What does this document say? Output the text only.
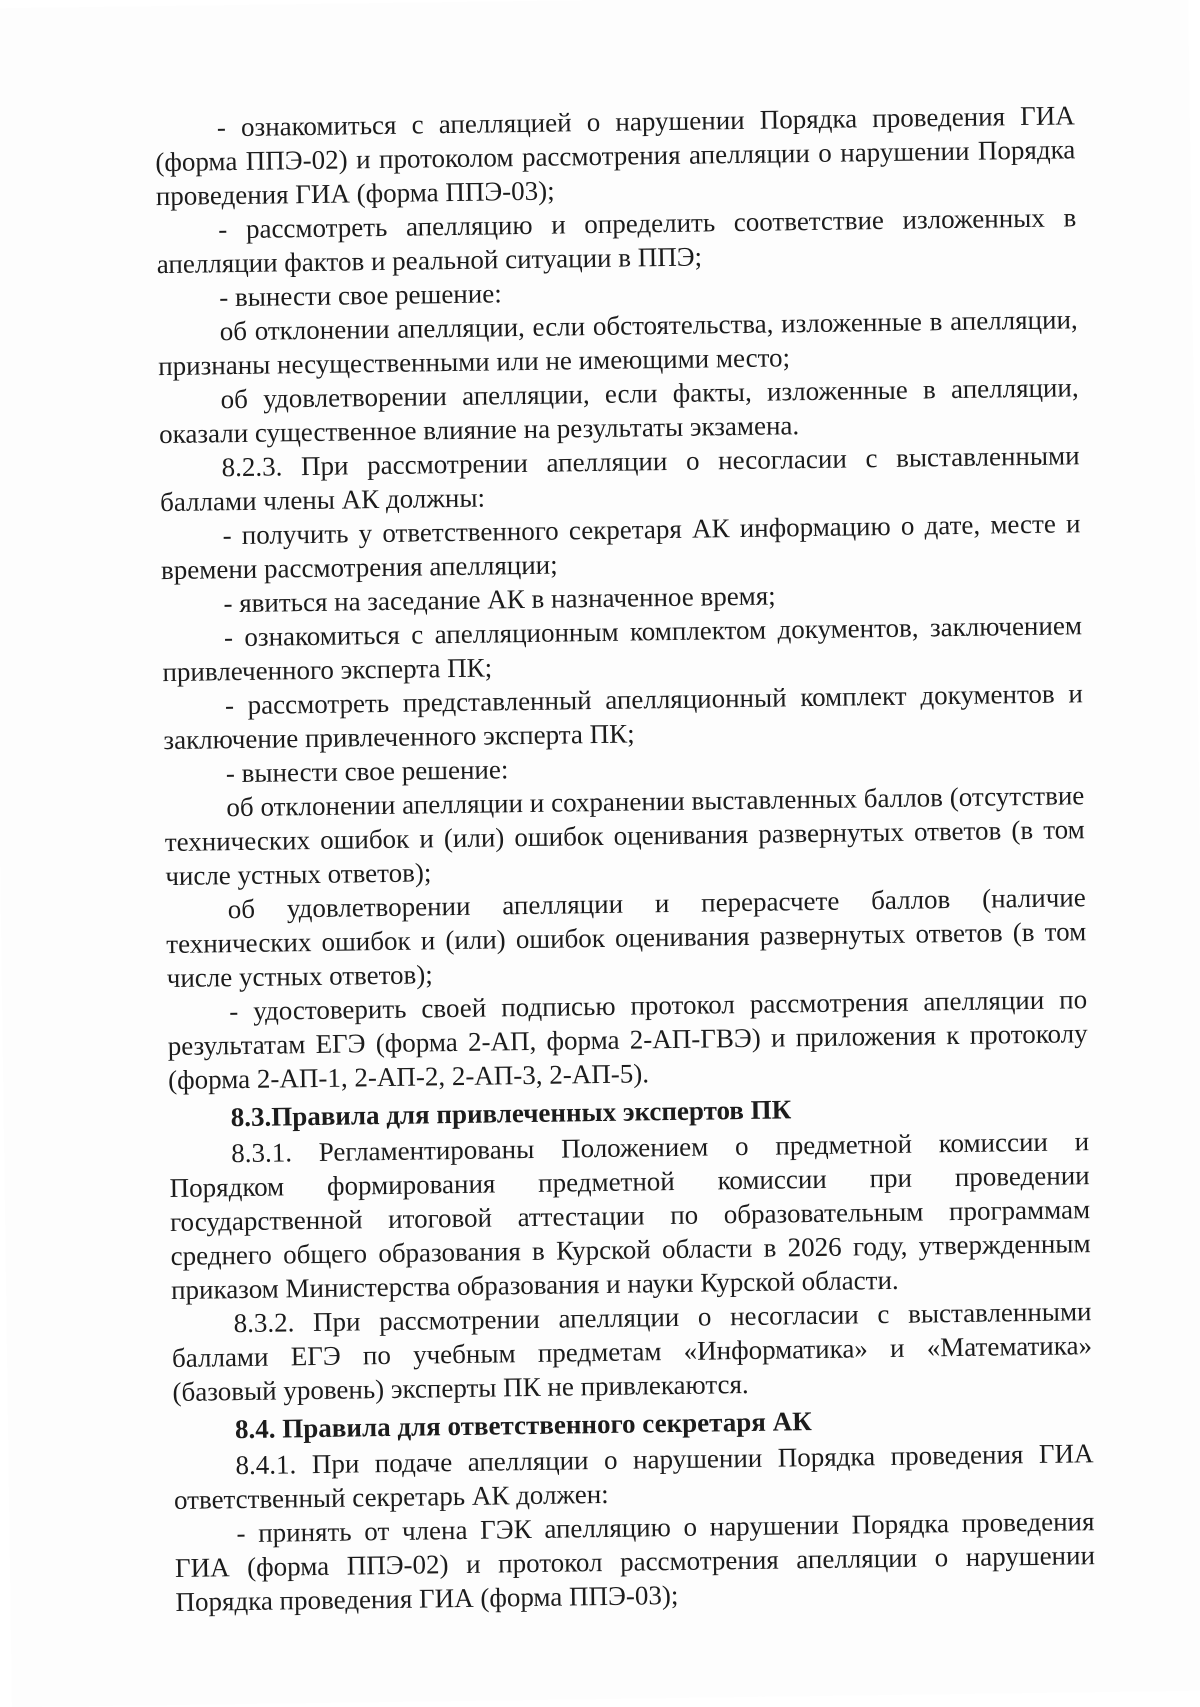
- ознакомиться с апелляцией о нарушении Порядка проведения ГИА (форма ППЭ-02) и протоколом рассмотрения апелляции о нарушении Порядка проведения ГИА (форма ППЭ-03);

- рассмотреть апелляцию и определить соответствие изложенных в апелляции фактов и реальной ситуации в ППЭ;

- вынести свое решение:

об отклонении апелляции, если обстоятельства, изложенные в апелляции, признаны несущественными или не имеющими место;

об удовлетворении апелляции, если факты, изложенные в апелляции, оказали существенное влияние на результаты экзамена.

8.2.3. При рассмотрении апелляции о несогласии с выставленными баллами члены АК должны:

- получить у ответственного секретаря АК информацию о дате, месте и времени рассмотрения апелляции;

- явиться на заседание АК в назначенное время;

- ознакомиться с апелляционным комплектом документов, заключением привлеченного эксперта ПК;

- рассмотреть представленный апелляционный комплект документов и заключение привлеченного эксперта ПК;

- вынести свое решение:

об отклонении апелляции и сохранении выставленных баллов (отсутствие технических ошибок и (или) ошибок оценивания развернутых ответов (в том числе устных ответов);

об удовлетворении апелляции и перерасчете баллов (наличие технических ошибок и (или) ошибок оценивания развернутых ответов (в том числе устных ответов);

- удостоверить своей подписью протокол рассмотрения апелляции по результатам ЕГЭ (форма 2-АП, форма 2-АП-ГВЭ) и приложения к протоколу (форма 2-АП-1, 2-АП-2, 2-АП-3, 2-АП-5).

8.3.Правила для привлеченных экспертов ПК

8.3.1. Регламентированы Положением о предметной комиссии и Порядком формирования предметной комиссии при проведении государственной итоговой аттестации по образовательным программам среднего общего образования в Курской области в 2026 году, утвержденным приказом Министерства образования и науки Курской области.

8.3.2. При рассмотрении апелляции о несогласии с выставленными баллами ЕГЭ по учебным предметам «Информатика» и «Математика» (базовый уровень) эксперты ПК не привлекаются.

8.4. Правила для ответственного секретаря АК

8.4.1. При подаче апелляции о нарушении Порядка проведения ГИА ответственный секретарь АК должен:

- принять от члена ГЭК апелляцию о нарушении Порядка проведения ГИА (форма ППЭ-02) и протокол рассмотрения апелляции о нарушении Порядка проведения ГИА (форма ППЭ-03);
